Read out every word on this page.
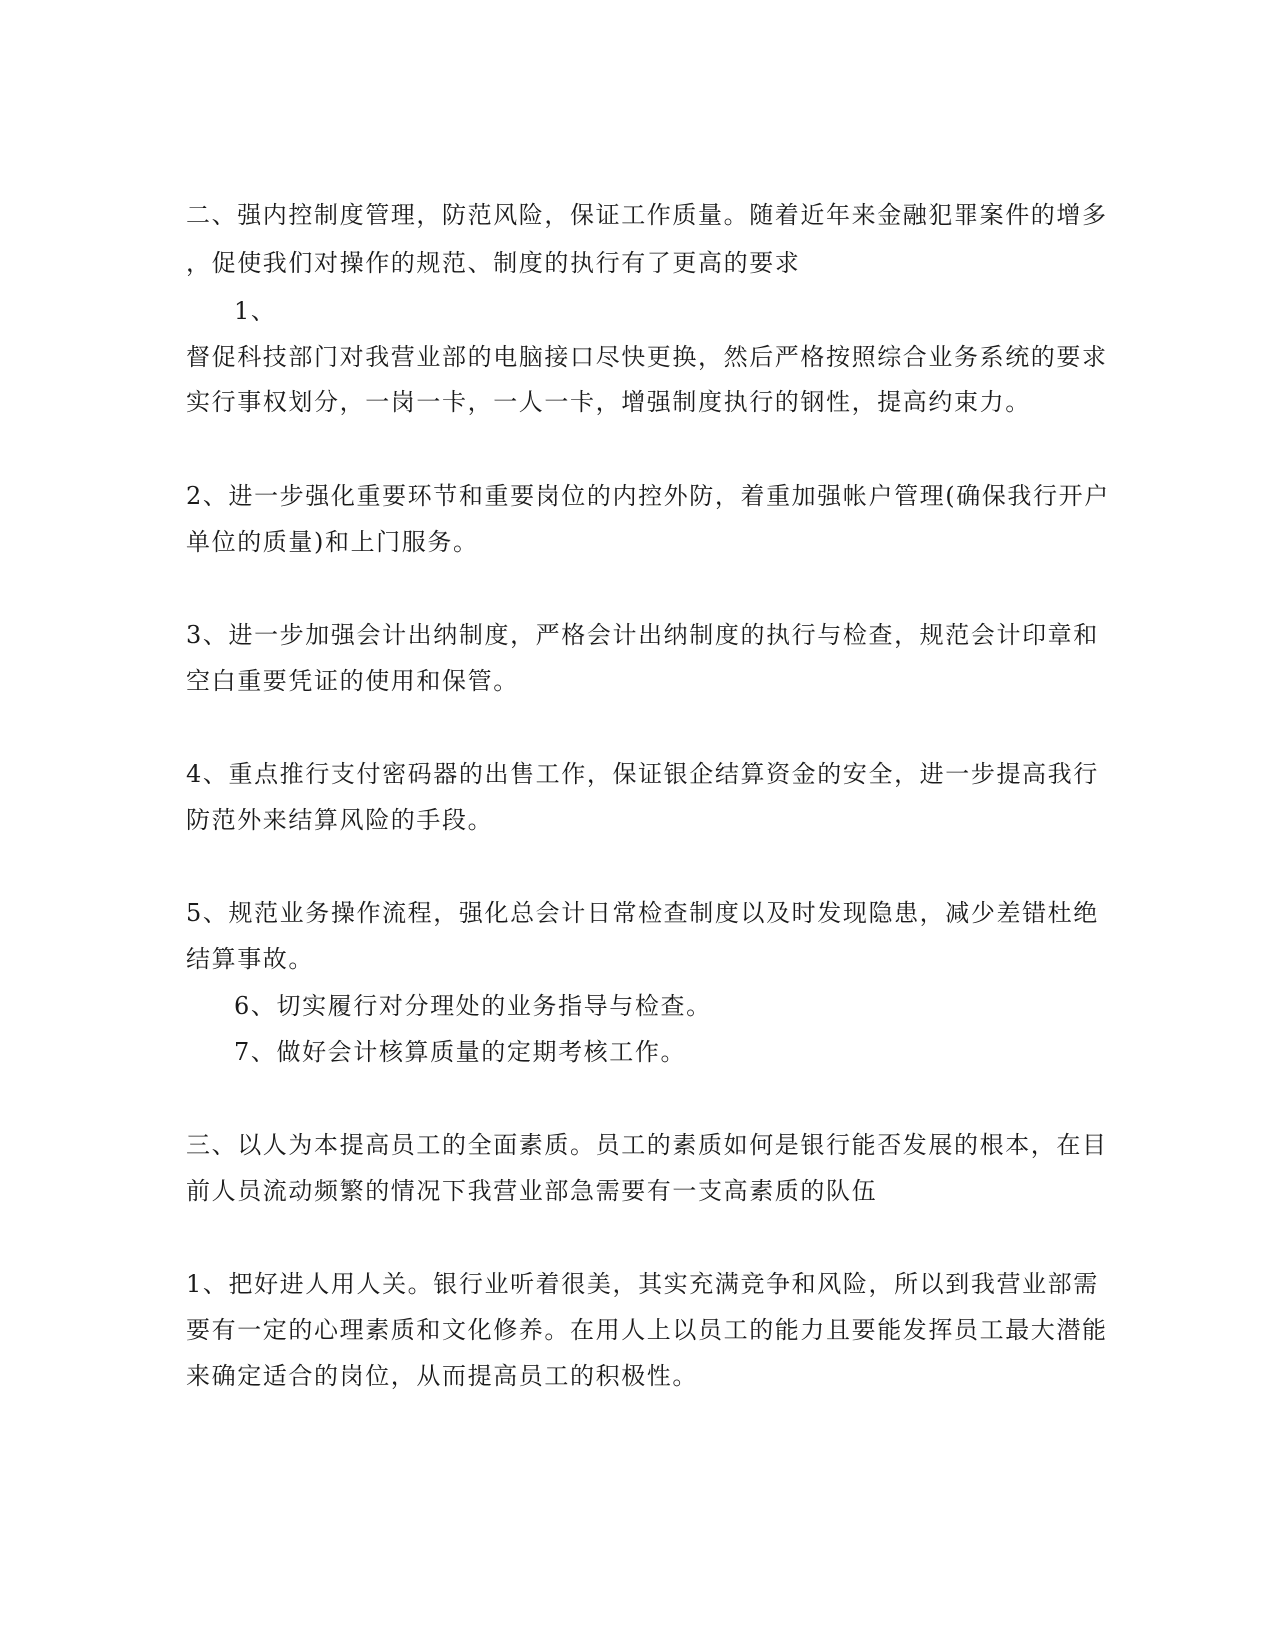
二、强内控制度管理，防范风险，保证工作质量。随着近年来金融犯罪案件的增多
，促使我们对操作的规范、制度的执行有了更高的要求
1、
督促科技部门对我营业部的电脑接口尽快更换，然后严格按照综合业务系统的要求
实行事权划分，一岗一卡，一人一卡，增强制度执行的钢性，提高约束力。
2、进一步强化重要环节和重要岗位的内控外防，着重加强帐户管理(确保我行开户
单位的质量)和上门服务。
3、进一步加强会计出纳制度，严格会计出纳制度的执行与检查，规范会计印章和
空白重要凭证的使用和保管。
4、重点推行支付密码器的出售工作，保证银企结算资金的安全，进一步提高我行
防范外来结算风险的手段。
5、规范业务操作流程，强化总会计日常检查制度以及时发现隐患，减少差错杜绝
结算事故。
6、切实履行对分理处的业务指导与检查。
7、做好会计核算质量的定期考核工作。
三、以人为本提高员工的全面素质。员工的素质如何是银行能否发展的根本，在目
前人员流动频繁的情况下我营业部急需要有一支高素质的队伍
1、把好进人用人关。银行业听着很美，其实充满竞争和风险，所以到我营业部需
要有一定的心理素质和文化修养。在用人上以员工的能力且要能发挥员工最大潜能
来确定适合的岗位，从而提高员工的积极性。
